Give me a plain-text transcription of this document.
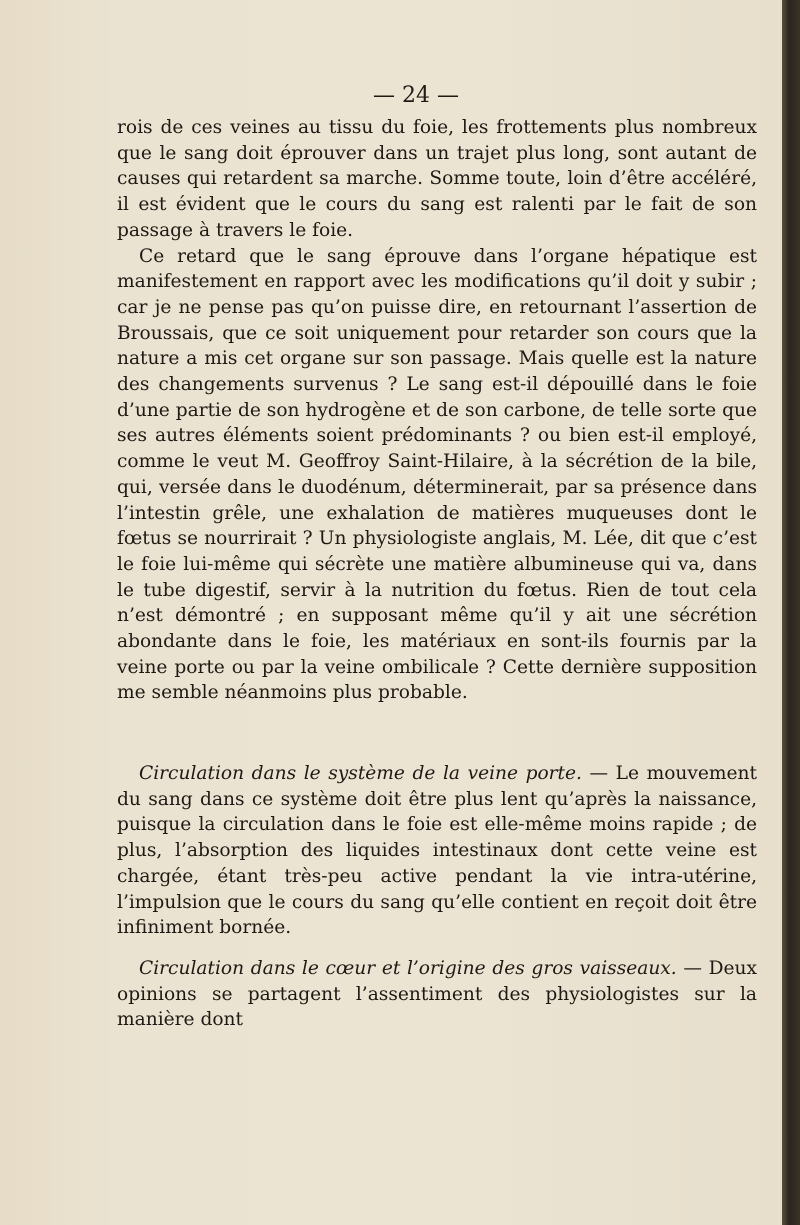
— 24 —

rois de ces veines au tissu du foie, les frottements plus nombreux que le sang doit éprouver dans un trajet plus long, sont autant de causes qui retardent sa marche. Somme toute, loin d’être accéléré, il est évident que le cours du sang est ralenti par le fait de son passage à travers le foie.

Ce retard que le sang éprouve dans l’organe hépatique est manifestement en rapport avec les modifications qu’il doit y subir ; car je ne pense pas qu’on puisse dire, en retournant l’assertion de Broussais, que ce soit uniquement pour retarder son cours que la nature a mis cet organe sur son passage. Mais quelle est la nature des changements survenus ? Le sang est-il dépouillé dans le foie d’une partie de son hydrogène et de son carbone, de telle sorte que ses autres éléments soient prédominants ? ou bien est-il employé, comme le veut M. Geoffroy Saint-Hilaire, à la sécrétion de la bile, qui, versée dans le duodénum, déterminerait, par sa présence dans l’intestin grêle, une exhalation de matières muqueuses dont le fœtus se nourrirait ? Un physiologiste anglais, M. Lée, dit que c’est le foie lui-même qui sécrète une matière albumineuse qui va, dans le tube digestif, servir à la nutrition du fœtus. Rien de tout cela n’est démontré ; en supposant même qu’il y ait une sécrétion abondante dans le foie, les matériaux en sont-ils fournis par la veine porte ou par la veine ombilicale ? Cette dernière supposition me semble néanmoins plus probable.

Circulation dans le système de la veine porte. — Le mouvement du sang dans ce système doit être plus lent qu’après la naissance, puisque la circulation dans le foie est elle-même moins rapide ; de plus, l’absorption des liquides intestinaux dont cette veine est chargée, étant très-peu active pendant la vie intra-utérine, l’impulsion que le cours du sang qu’elle contient en reçoit doit être infiniment bornée.

Circulation dans le cœur et l’origine des gros vaisseaux. — Deux opinions se partagent l’assentiment des physiologistes sur la manière dont
